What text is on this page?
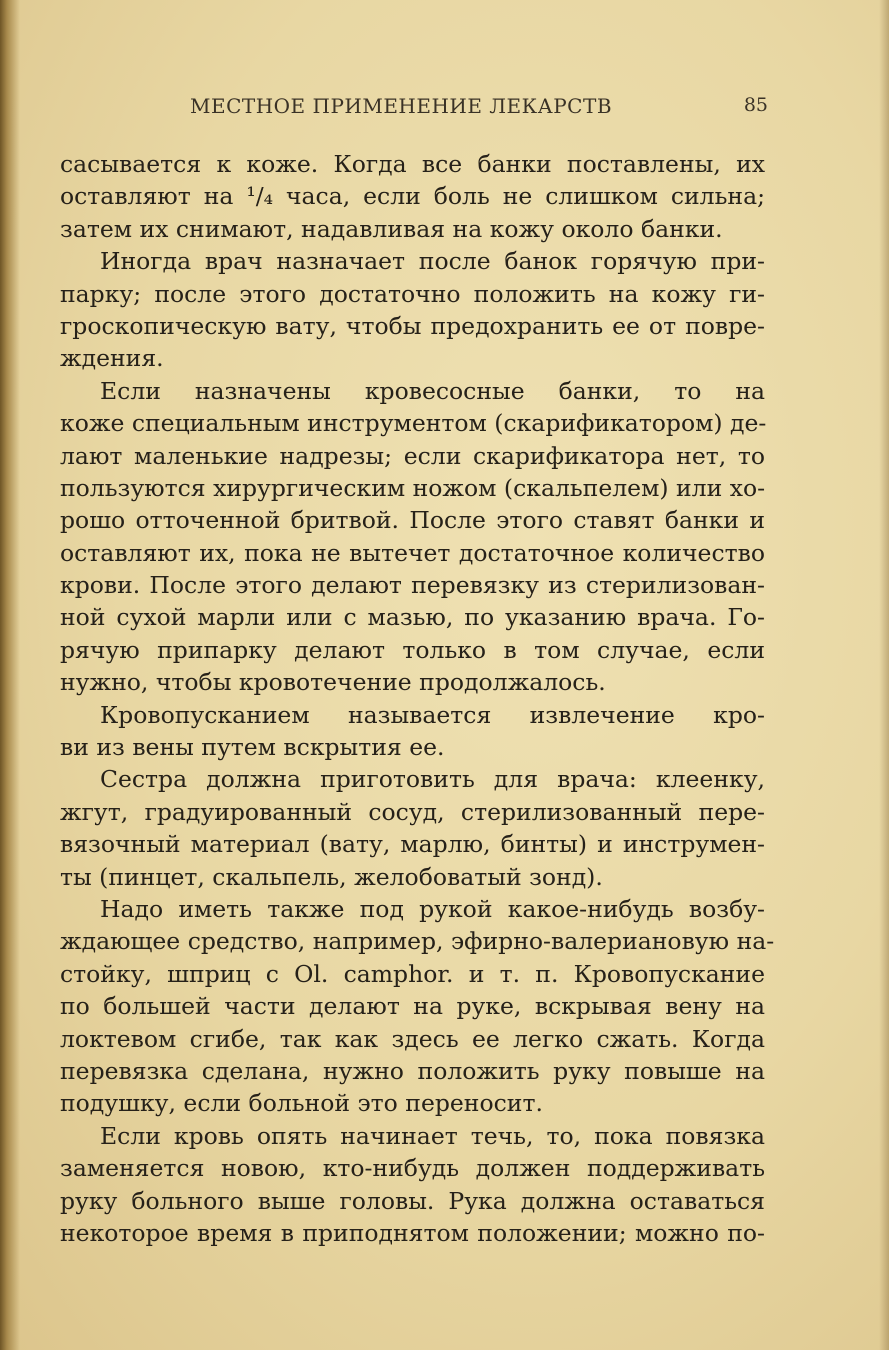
МЕСТНОЕ ПРИМЕНЕНИЕ ЛЕКАРСТВ	85
сасывается к коже. Когда все банки поставлены, их
оставляют на ¹/₄ часа, если боль не слишком сильна;
затем их снимают, надавливая на кожу около банки.
Иногда врач назначает после банок горячую при-
парку; после этого достаточно положить на кожу ги-
гроскопическую вату, чтобы предохранить ее от повре-
ждения.
Если назначены кровесосные банки, то на
коже специальным инструментом (скарификатором) де-
лают маленькие надрезы; если скарификатора нет, то
пользуются хирургическим ножом (скальпелем) или хо-
рошо отточенной бритвой. После этого ставят банки и
оставляют их, пока не вытечет достаточное количество
крови. После этого делают перевязку из стерилизован-
ной сухой марли или с мазью, по указанию врача. Го-
рячую припарку делают только в том случае, если
нужно, чтобы кровотечение продолжалось.
Кровопусканием называется извлечение кро-
ви из вены путем вскрытия ее.
Сестра должна приготовить для врача: клеенку,
жгут, градуированный сосуд, стерилизованный пере-
вязочный материал (вату, марлю, бинты) и инструмен-
ты (пинцет, скальпель, желобоватый зонд).
Надо иметь также под рукой какое-нибудь возбу-
ждающее средство, например, эфирно-валериановую на-
стойку, шприц с Ol. camphor. и т. п. Кровопускание
по большей части делают на руке, вскрывая вену на
локтевом сгибе, так как здесь ее легко сжать. Когда
перевязка сделана, нужно положить руку повыше на
подушку, если больной это переносит.
Если кровь опять начинает течь, то, пока повязка
заменяется новою, кто-нибудь должен поддерживать
руку больного выше головы. Рука должна оставаться
некоторое время в приподнятом положении; можно по-
